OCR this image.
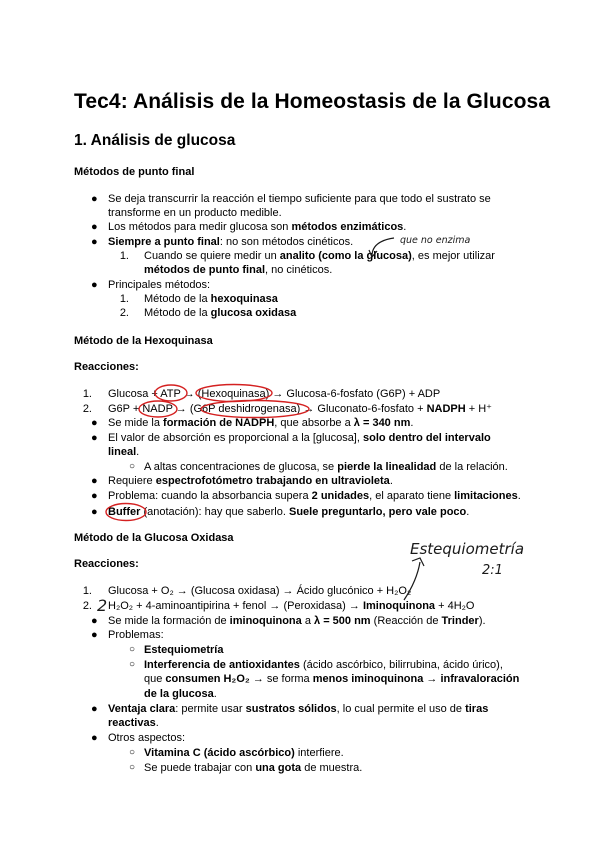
Tec4: Análisis de la Homeostasis de la Glucosa
1. Análisis de glucosa

Métodos de punto final

● Se deja transcurrir la reacción el tiempo suficiente para que todo el sustrato se
transforme en un producto medible.
● Los métodos para medir glucosa son métodos enzimáticos.
● Siempre a punto final: no son métodos cinéticos.
1. Cuando se quiere medir un analito (como la glucosa), es mejor utilizar
métodos de punto final, no cinéticos.
● Principales métodos:
1. Método de la hexoquinasa
2. Método de la glucosa oxidasa

Método de la Hexoquinasa

Reacciones:

1. Glucosa + ATP → (Hexoquinasa) → Glucosa-6-fosfato (G6P) + ADP
2. G6P + NADP → (G6P deshidrogenasa) → Gluconato-6-fosfato + NADPH + H⁺
● Se mide la formación de NADPH, que absorbe a λ = 340 nm.
● El valor de absorción es proporcional a la [glucosa], solo dentro del intervalo
lineal.
○ A altas concentraciones de glucosa, se pierde la linealidad de la relación.
● Requiere espectrofotómetro trabajando en ultravioleta.
● Problema: cuando la absorbancia supera 2 unidades, el aparato tiene limitaciones.
● Buffer (anotación): hay que saberlo. Suele preguntarlo, pero vale poco.

Método de la Glucosa Oxidasa

Reacciones:

1. Glucosa + O₂ → (Glucosa oxidasa) → Ácido glucónico + H₂O₂
2. H₂O₂ + 4-aminoantipirina + fenol → (Peroxidasa) → Iminoquinona + 4H₂O
● Se mide la formación de iminoquinona a λ = 500 nm (Reacción de Trinder).
● Problemas:
○ Estequiometría
○ Interferencia de antioxidantes (ácido ascórbico, bilirrubina, ácido úrico),
que consumen H₂O₂ → se forma menos iminoquinona → infravaloración
de la glucosa.
● Ventaja clara: permite usar sustratos sólidos, lo cual permite el uso de tiras
reactivas.
● Otros aspectos:
○ Vitamina C (ácido ascórbico) interfiere.
○ Se puede trabajar con una gota de muestra.
que no enzima
Estequiometría
2:1
2
